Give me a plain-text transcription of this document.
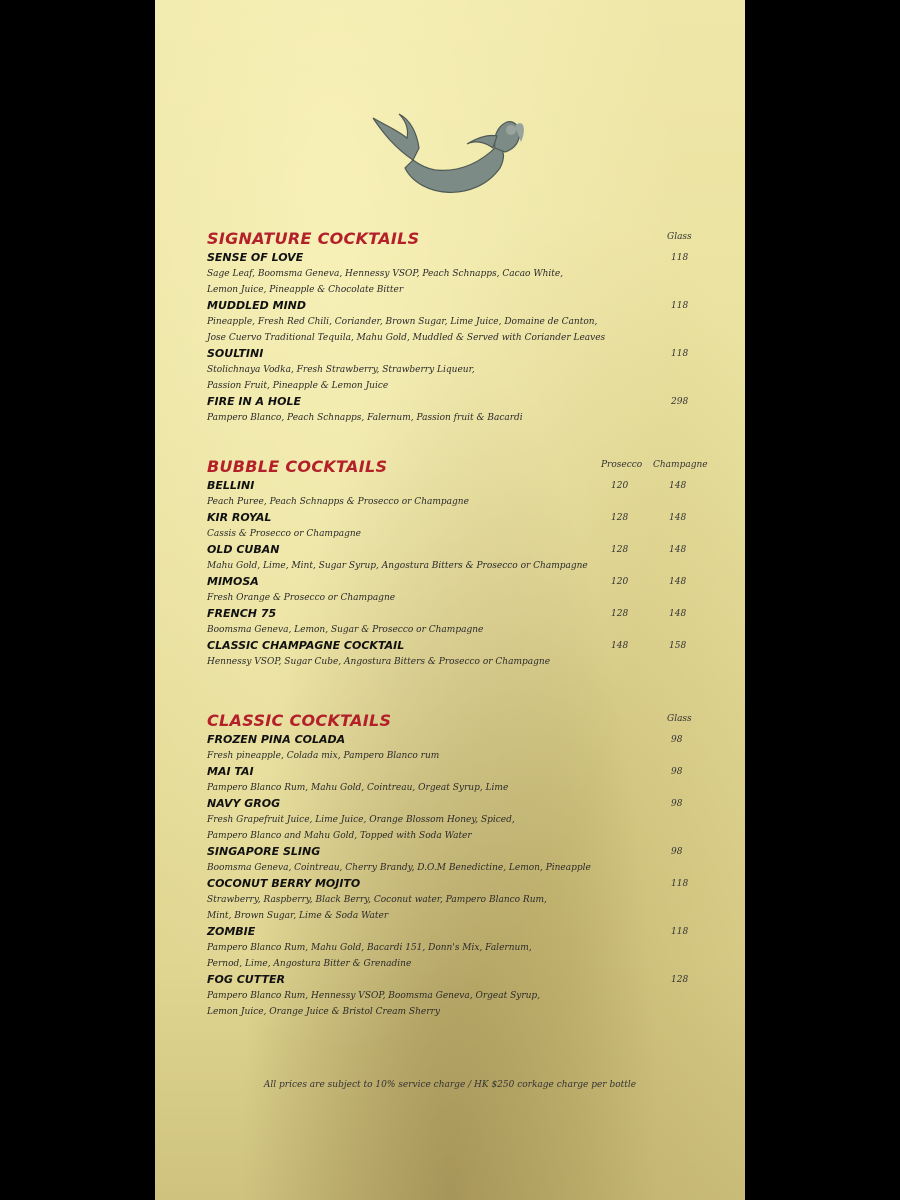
SIGNATURE COCKTAILS	Glass
SENSE OF LOVE
Sage Leaf, Boomsma Geneva, Hennessy VSOP, Peach Schnapps, Cacao White,
Lemon Juice, Pineapple & Chocolate Bitter
118
MUDDLED MIND
Pineapple, Fresh Red Chili, Coriander, Brown Sugar, Lime Juice, Domaine de Canton,
Jose Cuervo Traditional Tequila, Mahu Gold, Muddled & Served with Coriander Leaves
118
SOULTINI
Stolichnaya Vodka, Fresh Strawberry, Strawberry Liqueur,
Passion Fruit, Pineapple & Lemon Juice
118
FIRE IN A HOLE
Pampero Blanco, Peach Schnapps, Falernum, Passion fruit & Bacardi
298
BUBBLE COCKTAILS	Prosecco Champagne
BELLINI
Peach Puree, Peach Schnapps & Prosecco or Champagne
120	148
KIR ROYAL
Cassis & Prosecco or Champagne
128	148
OLD CUBAN
Mahu Gold, Lime, Mint, Sugar Syrup, Angostura Bitters & Prosecco or Champagne
128	148
MIMOSA
Fresh Orange & Prosecco or Champagne
120	148
FRENCH 75
Boomsma Geneva, Lemon, Sugar & Prosecco or Champagne
128	148
CLASSIC CHAMPAGNE COCKTAIL
Hennessy VSOP, Sugar Cube, Angostura Bitters & Prosecco or Champagne
148	158
CLASSIC COCKTAILS	Glass
FROZEN PINA COLADA
Fresh pineapple, Colada mix, Pampero Blanco rum
98
MAI TAI
Pampero Blanco Rum, Mahu Gold, Cointreau, Orgeat Syrup, Lime
98
NAVY GROG
Fresh Grapefruit Juice, Lime Juice, Orange Blossom Honey, Spiced,
Pampero Blanco and Mahu Gold, Topped with Soda Water
98
SINGAPORE SLING
Boomsma Geneva, Cointreau, Cherry Brandy, D.O.M Benedictine, Lemon, Pineapple
98
COCONUT BERRY MOJITO
Strawberry, Raspberry, Black Berry, Coconut water, Pampero Blanco Rum,
Mint, Brown Sugar, Lime & Soda Water
118
ZOMBIE
Pampero Blanco Rum, Mahu Gold, Bacardi 151, Donn's Mix, Falernum,
Pernod, Lime, Angostura Bitter & Grenadine
118
FOG CUTTER
Pampero Blanco Rum, Hennessy VSOP, Boomsma Geneva, Orgeat Syrup,
Lemon Juice, Orange Juice & Bristol Cream Sherry
128
All prices are subject to 10% service charge / HK $250 corkage charge per bottle
